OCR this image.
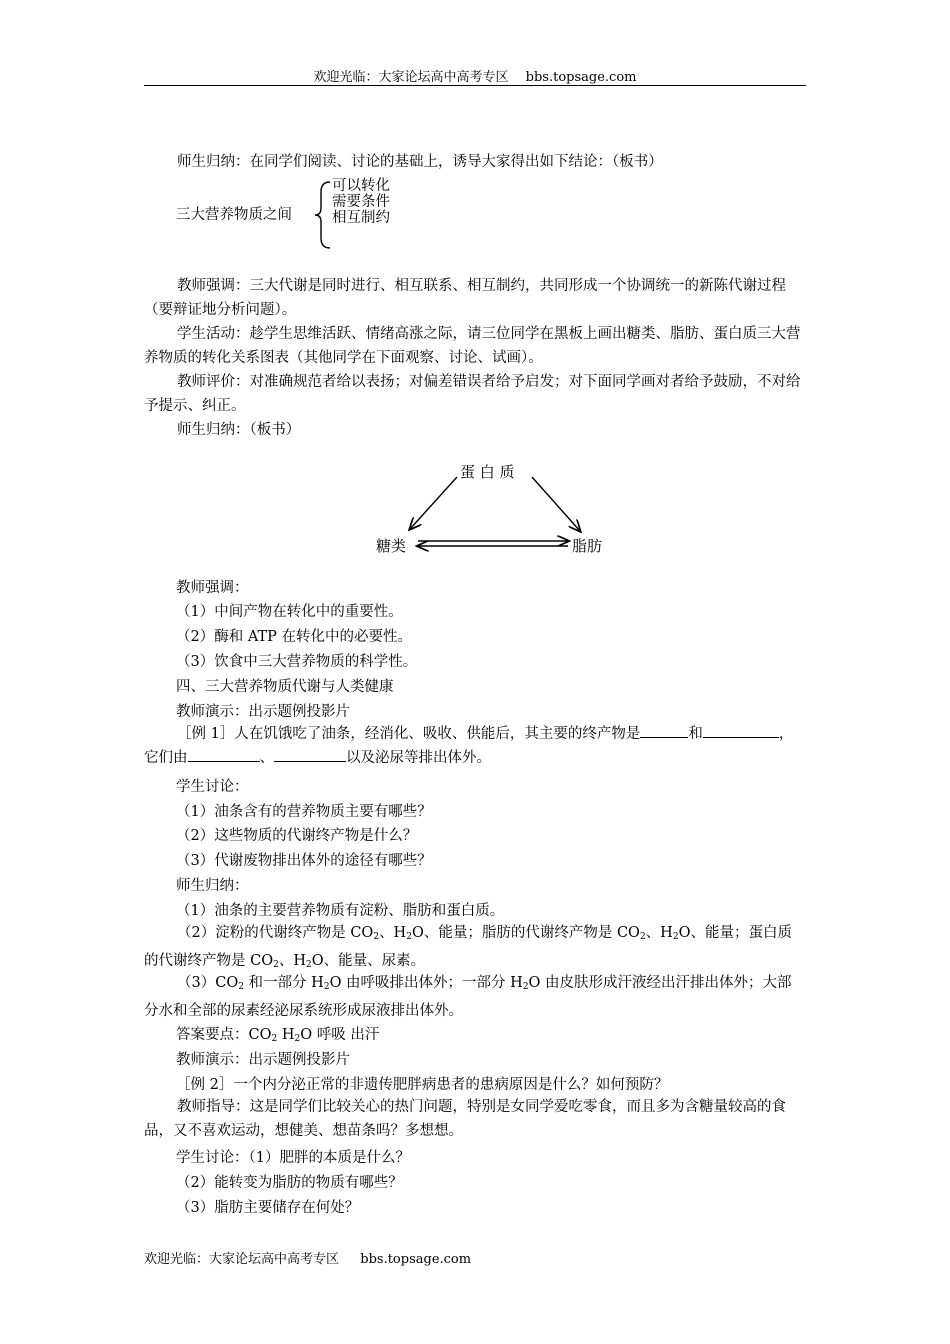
欢迎光临：大家论坛高中高考专区　 bbs.topsage.com
师生归纳：在同学们阅读、讨论的基础上，诱导大家得出如下结论：（板书）
三大营养物质之间
可以转化
需要条件
相互制约
教师强调：三大代谢是同时进行、相互联系、相互制约，共同形成一个协调统一的新陈代谢过程（要辩证地分析问题）。
学生活动：趁学生思维活跃、情绪高涨之际，请三位同学在黑板上画出糖类、脂肪、蛋白质三大营养物质的转化关系图表（其他同学在下面观察、讨论、试画）。
教师评价：对准确规范者给以表扬；对偏差错误者给予启发；对下面同学画对者给予鼓励，不对给予提示、纠正。
师生归纳：（板书）
蛋 白 质
糖类	脂肪
教师强调：
（1）中间产物在转化中的重要性。
（2）酶和 ATP 在转化中的必要性。
（3）饮食中三大营养物质的科学性。
四、三大营养物质代谢与人类健康
教师演示：出示题例投影片
［例 1］人在饥饿吃了油条，经消化、吸收、供能后，其主要的终产物是	和	，它们由	、	以及泌尿等排出体外。
学生讨论：
（1）油条含有的营养物质主要有哪些？
（2）这些物质的代谢终产物是什么？
（3）代谢废物排出体外的途径有哪些？
师生归纳：
（1）油条的主要营养物质有淀粉、脂肪和蛋白质。
（2）淀粉的代谢终产物是 $CO_2$、$H_2O$、能量；脂肪的代谢终产物是 $CO_2$、$H_2O$、能量；蛋白质的代谢终产物是 $CO_2$、$H_2O$、能量、尿素。
$(3)CO_2$ 和一部分 $H_2O$ 由呼吸排出体外；一部分 $H_2O$ 由皮肤形成汗液经出汗排出体外；大部分水和全部的尿素经泌尿系统形成尿液排出体外。
答案要点：$CO_2$ $H_2O$ 呼吸 出汗
教师演示：出示题例投影片
［例 2］一个内分泌正常的非遗传肥胖病患者的患病原因是什么？如何预防？
教师指导：这是同学们比较关心的热门问题，特别是女同学爱吃零食，而且多为含糖量较高的食品，又不喜欢运动，想健美、想苗条吗？多想想。
学生讨论：（1）肥胖的本质是什么？
（2）能转变为脂肪的物质有哪些？
（3）脂肪主要储存在何处？
欢迎光临：大家论坛高中高考专区　  bbs.topsage.com
